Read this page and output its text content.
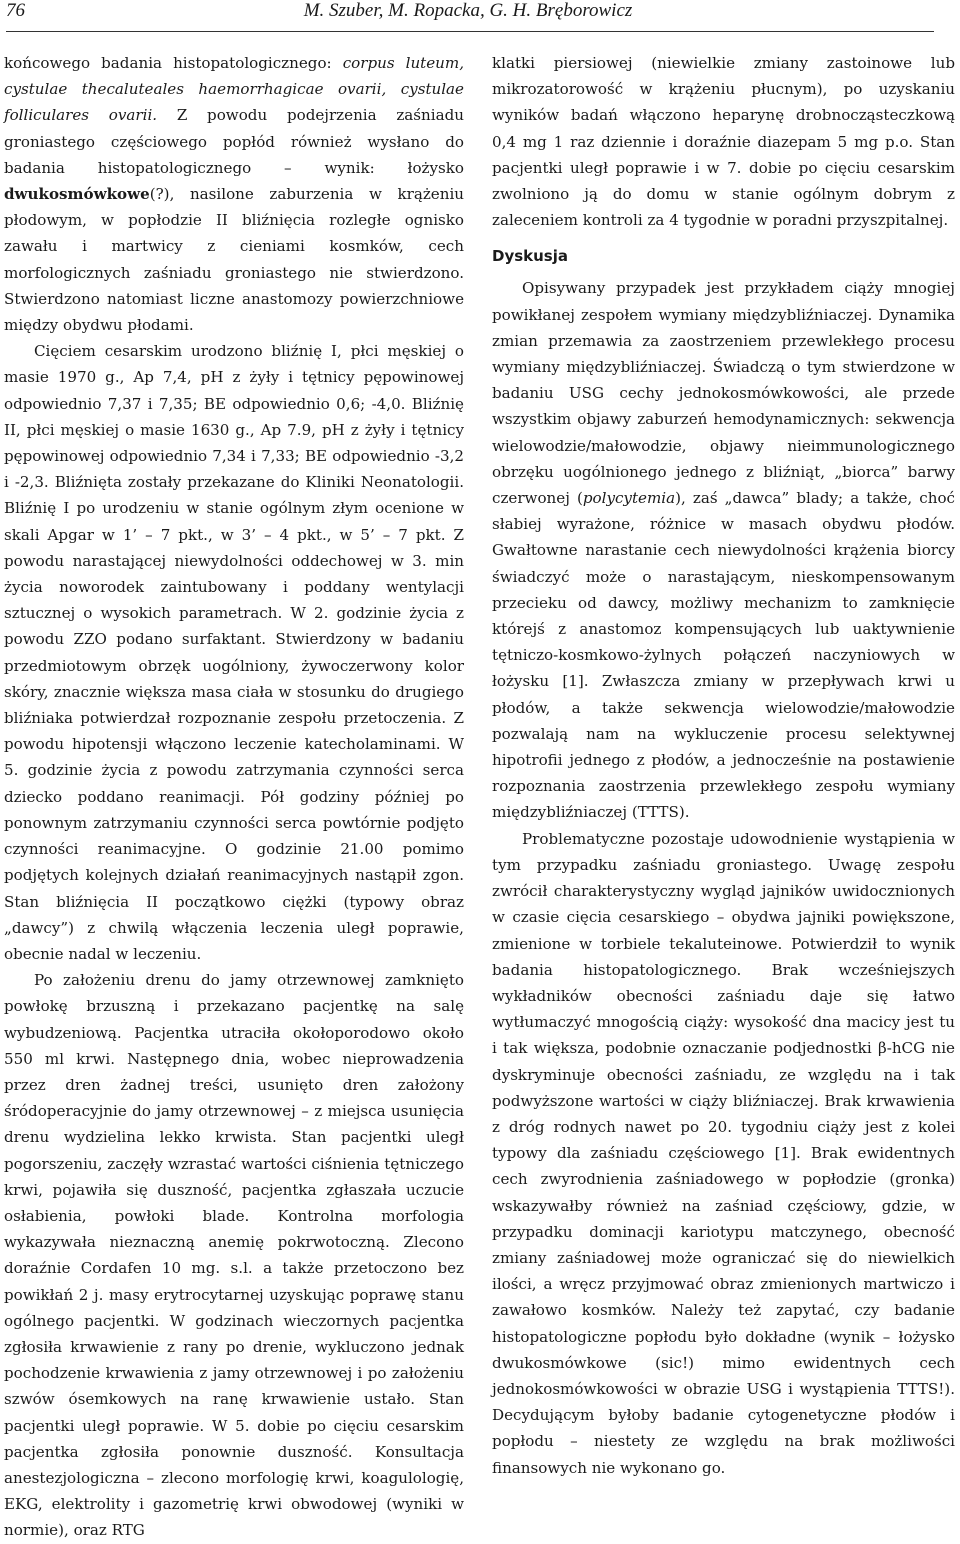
76	M. Szuber, M. Ropacka, G. H. Bręborowicz

końcowego badania histopatologicznego: corpus luteum, cystulae thecaluteales haemorrhagicae ovarii, cystulae folliculares ovarii. Z powodu podejrzenia zaśniadu groniastego częściowego popłód również wysłano do badania histopatologicznego – wynik: łożysko dwukosmówkowe(?), nasilone zaburzenia w krążeniu płodowym, w popłodzie II bliźnięcia rozległe ognisko zawału i martwicy z cieniami kosmków, cech morfologicznych zaśniadu groniastego nie stwierdzono. Stwierdzono natomiast liczne anastomozy powierzchniowe między obydwu płodami.

Cięciem cesarskim urodzono bliźnię I, płci męskiej o masie 1970 g., Ap 7,4, pH z żyły i tętnicy pępowinowej odpowiednio 7,37 i 7,35; BE odpowiednio 0,6; -4,0. Bliźnię II, płci męskiej o masie 1630 g., Ap 7.9, pH z żyły i tętnicy pępowinowej odpowiednio 7,34 i 7,33; BE odpowiednio -3,2 i -2,3. Bliźnięta zostały przekazane do Kliniki Neonatologii. Bliźnię I po urodzeniu w stanie ogólnym złym ocenione w skali Apgar w 1’ – 7 pkt., w 3’ – 4 pkt., w 5’ – 7 pkt. Z powodu narastającej niewydolności oddechowej w 3. min życia noworodek zaintubowany i poddany wentylacji sztucznej o wysokich parametrach. W 2. godzinie życia z powodu ZZO podano surfaktant. Stwierdzony w badaniu przedmiotowym obrzęk uogólniony, żywoczerwony kolor skóry, znacznie większa masa ciała w stosunku do drugiego bliźniaka potwierdzał rozpoznanie zespołu przetoczenia. Z powodu hipotensji włączono leczenie katecholaminami. W 5. godzinie życia z powodu zatrzymania czynności serca dziecko poddano reanimacji. Pół godziny później po ponownym zatrzymaniu czynności serca powtórnie podjęto czynności reanimacyjne. O godzinie 21.00 pomimo podjętych kolejnych działań reanimacyjnych nastąpił zgon. Stan bliźnięcia II początkowo ciężki (typowy obraz „dawcy”) z chwilą włączenia leczenia uległ poprawie, obecnie nadal w leczeniu.

Po założeniu drenu do jamy otrzewnowej zamknięto powłokę brzuszną i przekazano pacjentkę na salę wybudzeniową. Pacjentka utraciła okołoporodowo około 550 ml krwi. Następnego dnia, wobec nieprowadzenia przez dren żadnej treści, usunięto dren założony śródoperacyjnie do jamy otrzewnowej – z miejsca usunięcia drenu wydzielina lekko krwista. Stan pacjentki uległ pogorszeniu, zaczęły wzrastać wartości ciśnienia tętniczego krwi, pojawiła się duszność, pacjentka zgłaszała uczucie osłabienia, powłoki blade. Kontrolna morfologia wykazywała nieznaczną anemię pokrwotoczną. Zlecono doraźnie Cordafen 10 mg. s.l. a także przetoczono bez powikłań 2 j. masy erytrocytarnej uzyskując poprawę stanu ogólnego pacjentki. W godzinach wieczornych pacjentka zgłosiła krwawienie z rany po drenie, wykluczono jednak pochodzenie krwawienia z jamy otrzewnowej i po założeniu szwów ósemkowych na ranę krwawienie ustało. Stan pacjentki uległ poprawie. W 5. dobie po cięciu cesarskim pacjentka zgłosiła ponownie duszność. Konsultacja anestezjologiczna – zlecono morfologię krwi, koagulologię, EKG, elektrolity i gazometrię krwi obwodowej (wyniki w normie), oraz RTG

klatki piersiowej (niewielkie zmiany zastoinowe lub mikrozatorowość w krążeniu płucnym), po uzyskaniu wyników badań włączono heparynę drobnocząsteczkową 0,4 mg 1 raz dziennie i doraźnie diazepam 5 mg p.o. Stan pacjentki uległ poprawie i w 7. dobie po cięciu cesarskim zwolniono ją do domu w stanie ogólnym dobrym z zaleceniem kontroli za 4 tygodnie w poradni przyszpitalnej.

Dyskusja

Opisywany przypadek jest przykładem ciąży mnogiej powikłanej zespołem wymiany międzybliźniaczej. Dynamika zmian przemawia za zaostrzeniem przewlekłego procesu wymiany międzybliźniaczej. Świadczą o tym stwierdzone w badaniu USG cechy jednokosmówkowości, ale przede wszystkim objawy zaburzeń hemodynamicznych: sekwencja wielowodzie/małowodzie, objawy nieimmunologicznego obrzęku uogólnionego jednego z bliźniąt, „biorca” barwy czerwonej (polycytemia), zaś „dawca” blady; a także, choć słabiej wyrażone, różnice w masach obydwu płodów. Gwałtowne narastanie cech niewydolności krążenia biorcy świadczyć może o narastającym, nieskompensowanym przecieku od dawcy, możliwy mechanizm to zamknięcie którejś z anastomoz kompensujących lub uaktywnienie tętniczo-kosmkowo-żylnych połączeń naczyniowych w łożysku [1]. Zwłaszcza zmiany w przepływach krwi u płodów, a także sekwencja wielowodzie/małowodzie pozwalają nam na wykluczenie procesu selektywnej hipotrofii jednego z płodów, a jednocześnie na postawienie rozpoznania zaostrzenia przewlekłego zespołu wymiany międzybliźniaczej (TTTS).

Problematyczne pozostaje udowodnienie wystąpienia w tym przypadku zaśniadu groniastego. Uwagę zespołu zwrócił charakterystyczny wygląd jajników uwidocznionych w czasie cięcia cesarskiego – obydwa jajniki powiększone, zmienione w torbiele tekaluteinowe. Potwierdził to wynik badania histopatologicznego. Brak wcześniejszych wykładników obecności zaśniadu daje się łatwo wytłumaczyć mnogością ciąży: wysokość dna macicy jest tu i tak większa, podobnie oznaczanie podjednostki β-hCG nie dyskryminuje obecności zaśniadu, ze względu na i tak podwyższone wartości w ciąży bliźniaczej. Brak krwawienia z dróg rodnych nawet po 20. tygodniu ciąży jest z kolei typowy dla zaśniadu częściowego [1]. Brak ewidentnych cech zwyrodnienia zaśniadowego w popłodzie (gronka) wskazywałby również na zaśniad częściowy, gdzie, w przypadku dominacji kariotypu matczynego, obecność zmiany zaśniadowej może ograniczać się do niewielkich ilości, a wręcz przyjmować obraz zmienionych martwiczo i zawałowo kosmków. Należy też zapytać, czy badanie histopatologiczne popłodu było dokładne (wynik – łożysko dwukosmówkowe (sic!) mimo ewidentnych cech jednokosmówkowości w obrazie USG i wystąpienia TTTS!). Decydującym byłoby badanie cytogenetyczne płodów i popłodu – niestety ze względu na brak możliwości finansowych nie wykonano go.
